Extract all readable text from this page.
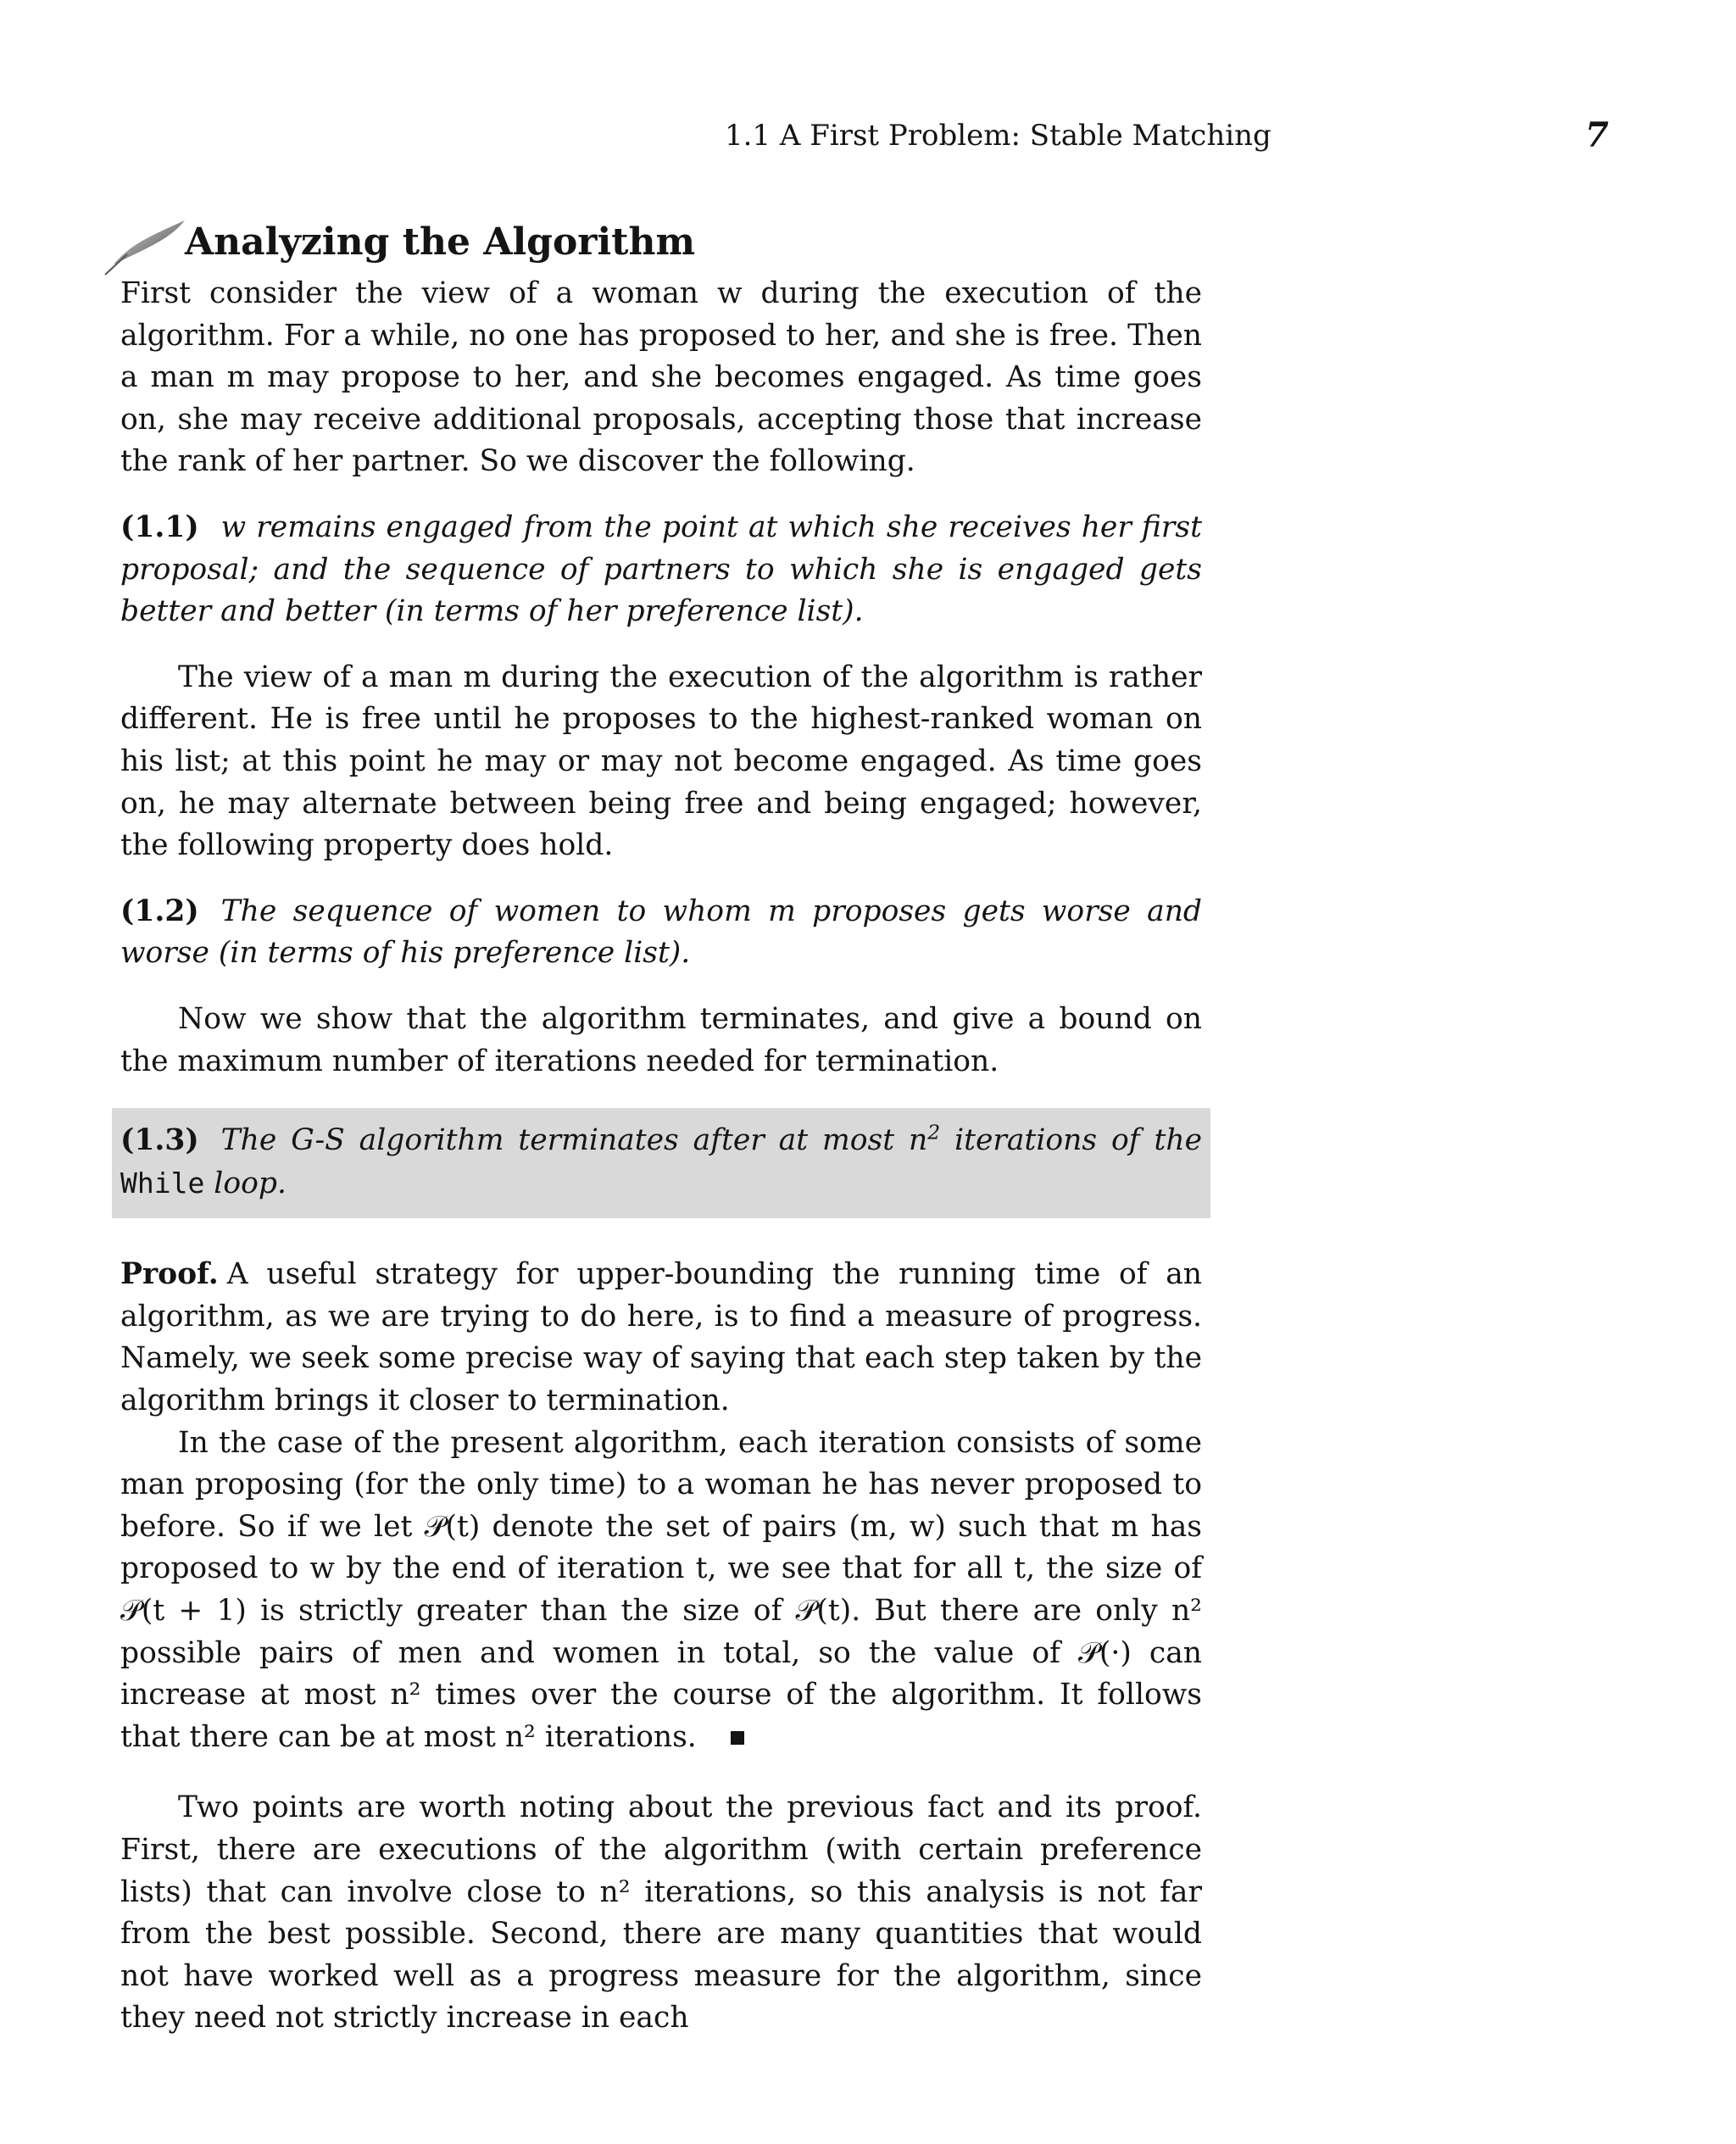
1.1 A First Problem: Stable Matching	7
Analyzing the Algorithm

First consider the view of a woman w during the execution of the algorithm. For a while, no one has proposed to her, and she is free. Then a man m may propose to her, and she becomes engaged. As time goes on, she may receive additional proposals, accepting those that increase the rank of her partner. So we discover the following.

(1.1) w remains engaged from the point at which she receives her first proposal; and the sequence of partners to which she is engaged gets better and better (in terms of her preference list).

The view of a man m during the execution of the algorithm is rather different. He is free until he proposes to the highest-ranked woman on his list; at this point he may or may not become engaged. As time goes on, he may alternate between being free and being engaged; however, the following property does hold.

(1.2) The sequence of women to whom m proposes gets worse and worse (in terms of his preference list).

Now we show that the algorithm terminates, and give a bound on the maximum number of iterations needed for termination.

(1.3) The G-S algorithm terminates after at most $n^2$ iterations of the While loop.

Proof. A useful strategy for upper-bounding the running time of an algorithm, as we are trying to do here, is to find a measure of progress. Namely, we seek some precise way of saying that each step taken by the algorithm brings it closer to termination.

In the case of the present algorithm, each iteration consists of some man proposing (for the only time) to a woman he has never proposed to before. So if we let 𝒫(t) denote the set of pairs (m, w) such that m has proposed to w by the end of iteration t, we see that for all t, the size of 𝒫(t + 1) is strictly greater than the size of 𝒫(t). But there are only n² possible pairs of men and women in total, so the value of 𝒫(·) can increase at most n² times over the course of the algorithm. It follows that there can be at most n² iterations.

Two points are worth noting about the previous fact and its proof. First, there are executions of the algorithm (with certain preference lists) that can involve close to n² iterations, so this analysis is not far from the best possible. Second, there are many quantities that would not have worked well as a progress measure for the algorithm, since they need not strictly increase in each
